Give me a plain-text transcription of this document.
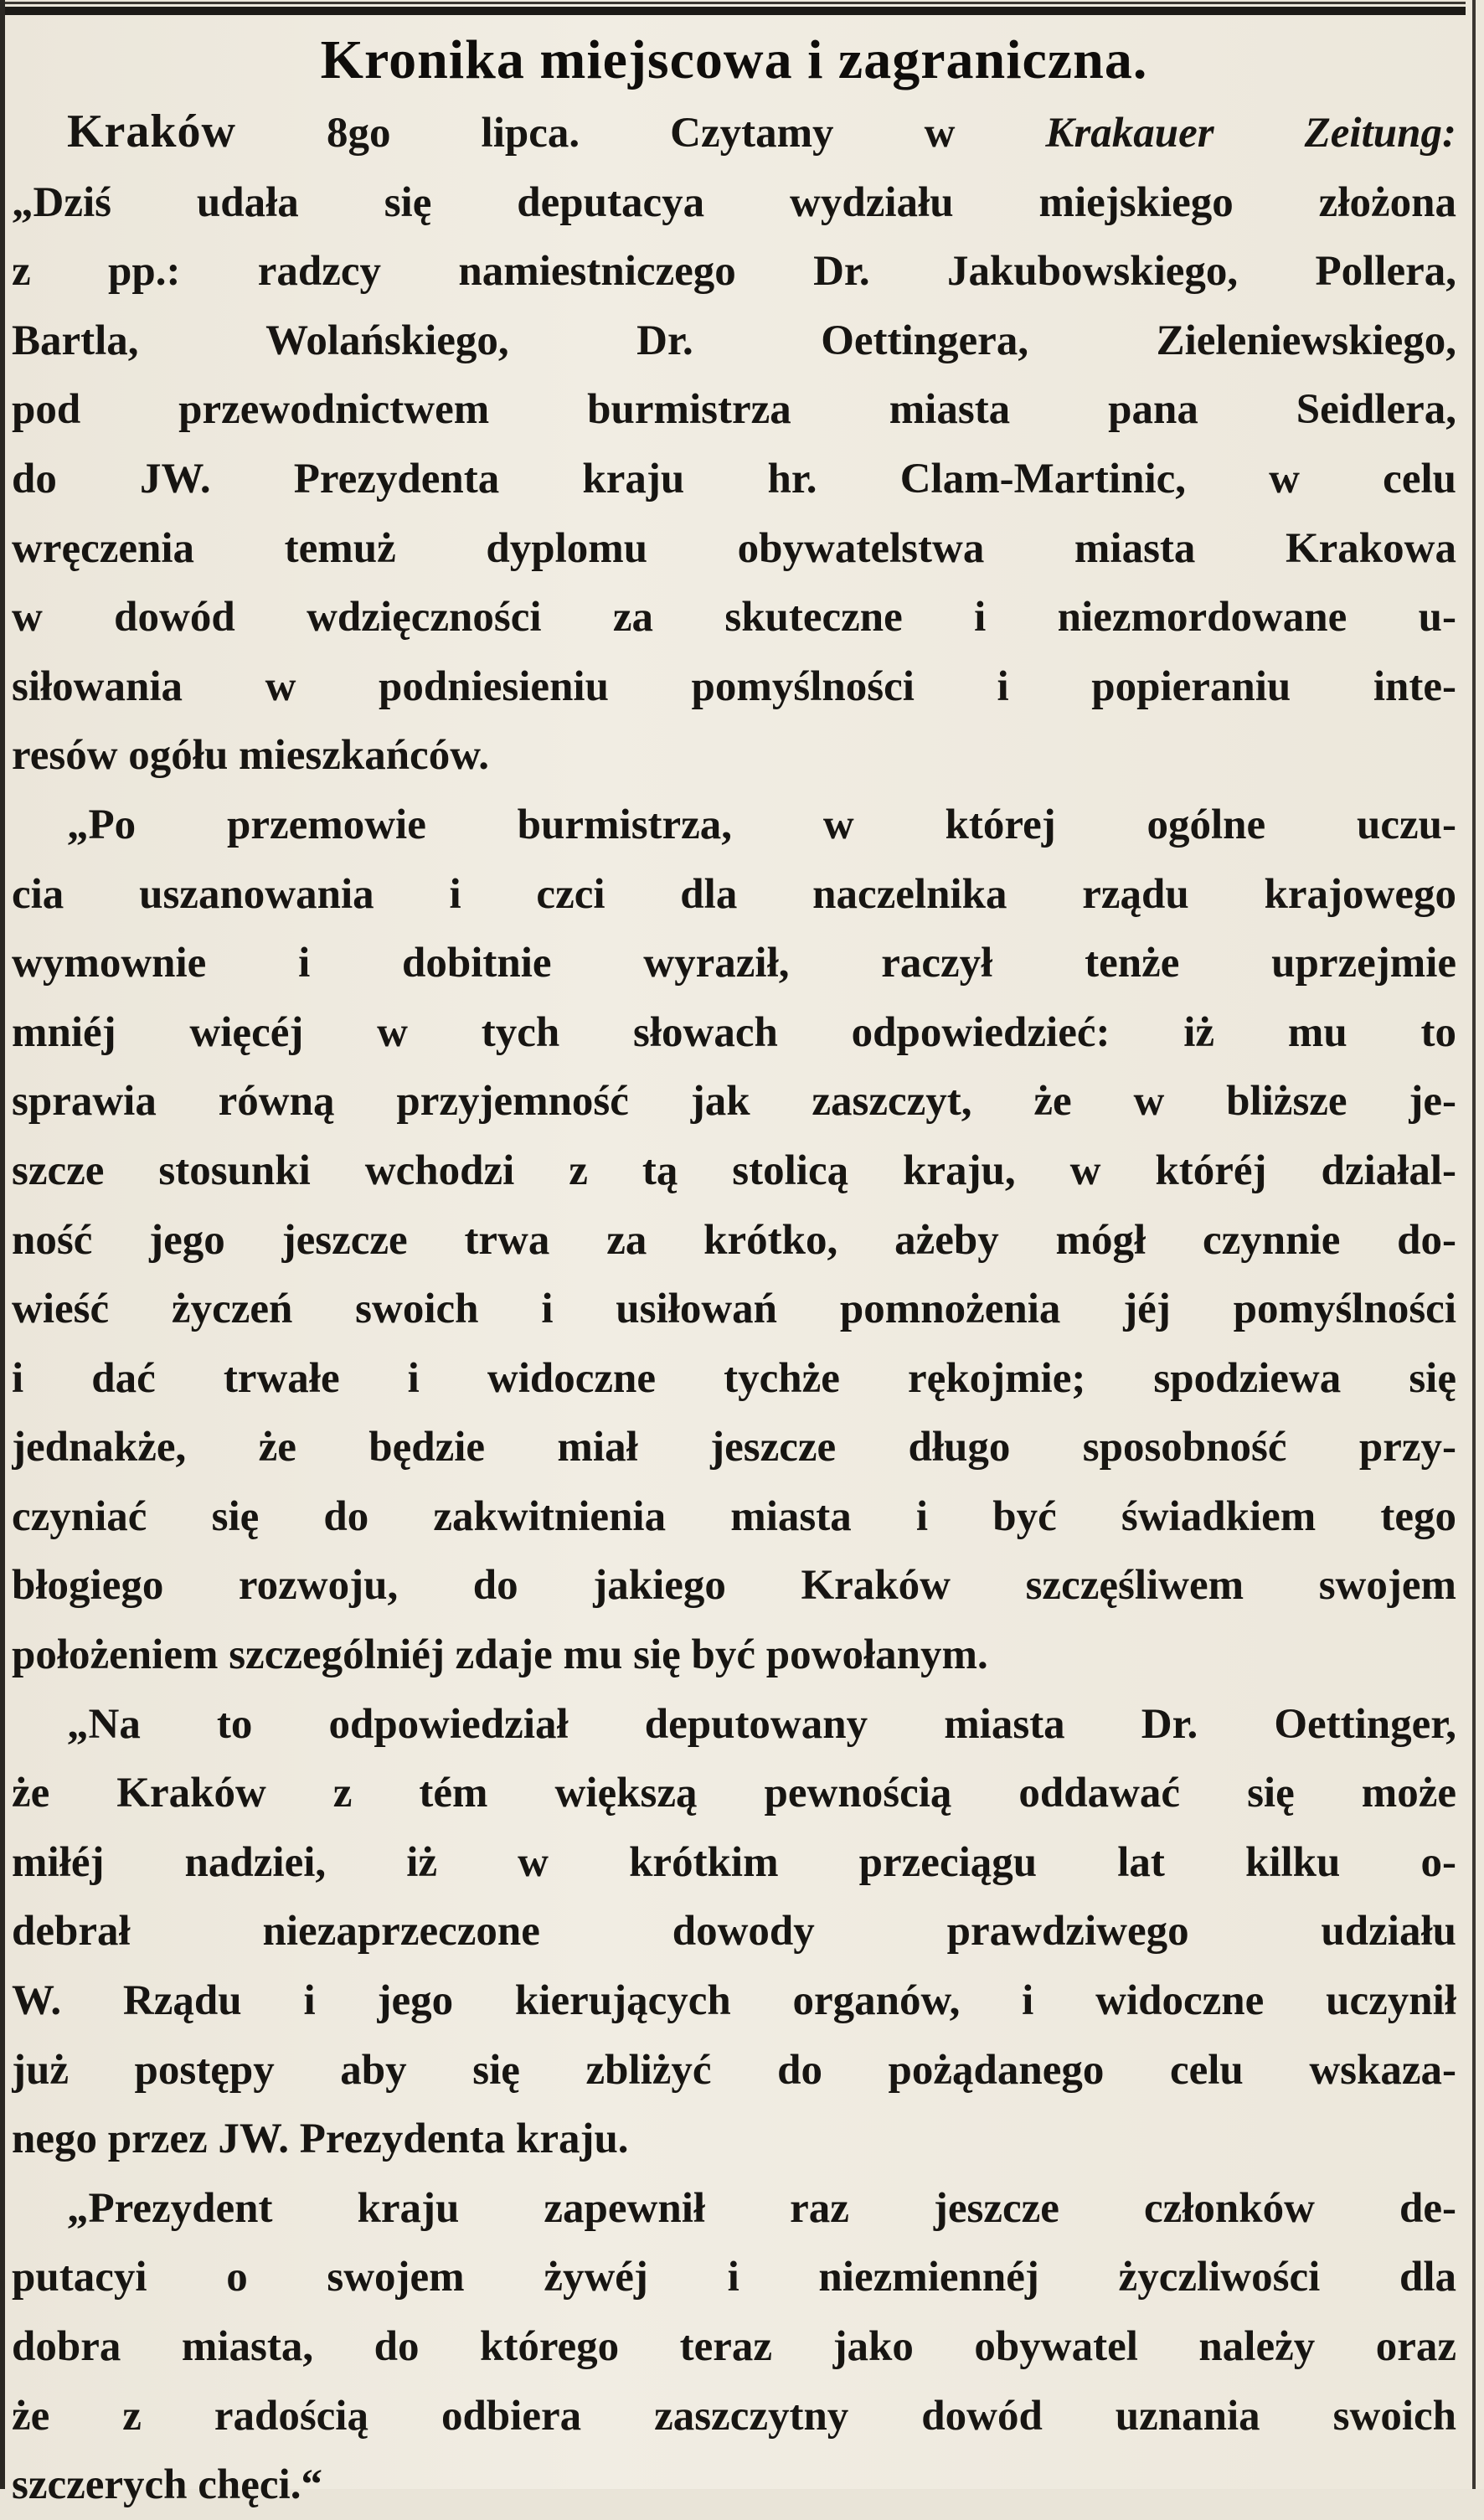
Kronika miejscowa i zagraniczna.

Kraków 8go lipca. Czytamy w Krakauer Zeitung:
„Dziś udała się deputacya wydziału miejskiego złożona
z pp.: radzcy namiestniczego Dr. Jakubowskiego, Pollera,
Bartla, Wolańskiego, Dr. Oettingera, Zieleniewskiego,
pod przewodnictwem burmistrza miasta pana Seidlera,
do JW. Prezydenta kraju hr. Clam-Martinic, w celu
wręczenia temuż dyplomu obywatelstwa miasta Krakowa
w dowód wdzięczności za skuteczne i niezmordowane u-
siłowania w podniesieniu pomyślności i popieraniu inte-
resów ogółu mieszkańców.

„Po przemowie burmistrza, w której ogólne uczu-
cia uszanowania i czci dla naczelnika rządu krajowego
wymownie i dobitnie wyraził, raczył tenże uprzejmie
mniéj więcéj w tych słowach odpowiedzieć: iż mu to
sprawia równą przyjemność jak zaszczyt, że w bliższe je-
szcze stosunki wchodzi z tą stolicą kraju, w któréj działal-
ność jego jeszcze trwa za krótko, ażeby mógł czynnie do-
wieść życzeń swoich i usiłowań pomnożenia jéj pomyślności
i dać trwałe i widoczne tychże rękojmie; spodziewa się
jednakże, że będzie miał jeszcze długo sposobność przy-
czyniać się do zakwitnienia miasta i być świadkiem tego
błogiego rozwoju, do jakiego Kraków szczęśliwem swojem
położeniem szczególniéj zdaje mu się być powołanym.

„Na to odpowiedział deputowany miasta Dr. Oettinger,
że Kraków z tém większą pewnością oddawać się może
miłéj nadziei, iż w krótkim przeciągu lat kilku o-
debrał niezaprzeczone dowody prawdziwego udziału
W. Rządu i jego kierujących organów, i widoczne uczynił
już postępy aby się zbliżyć do pożądanego celu wskaza-
nego przez JW. Prezydenta kraju.

„Prezydent kraju zapewnił raz jeszcze członków de-
putacyi o swojem żywéj i niezmiennéj życzliwości dla
dobra miasta, do którego teraz jako obywatel należy oraz
że z radością odbiera zaszczytny dowód uznania swoich
szczerych chęci.“
